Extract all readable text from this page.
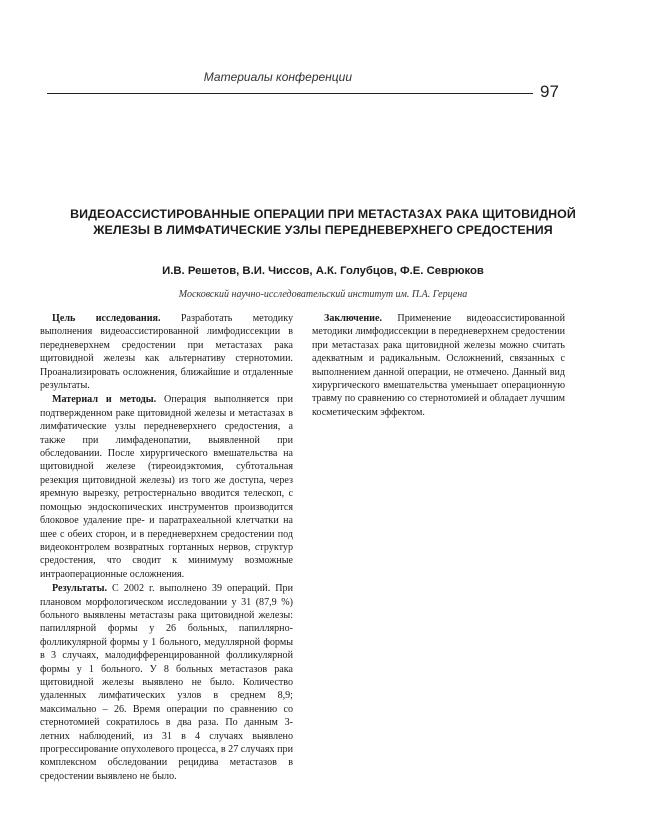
Материалы конференции
97
ВИДЕОАССИСТИРОВАННЫЕ ОПЕРАЦИИ ПРИ МЕТАСТАЗАХ РАКА ЩИТОВИДНОЙ
ЖЕЛЕЗЫ В ЛИМФАТИЧЕСКИЕ УЗЛЫ ПЕРЕДНЕВЕРХНЕГО СРЕДОСТЕНИЯ

И.В. Решетов, В.И. Чиссов, А.К. Голубцов, Ф.Е. Севрюков

Московский научно-исследовательский институт им. П.А. Герцена

Цель исследования. Разработать методику выполнения видеоассистированной лимфодиссекции в передневерхнем средостении при метастазах рака щитовидной железы как альтернативу стернотомии. Проанализировать осложнения, ближайшие и отдаленные результаты.

Материал и методы. Операция выполняется при подтвержденном раке щитовидной железы и метастазах в лимфатические узлы передневерхнего средостения, а также при лимфаденопатии, выявленной при обследовании. После хирургического вмешательства на щитовидной железе (тиреоидэктомия, субтотальная резекция щитовидной железы) из того же доступа, через яремную вырезку, ретростернально вводится телескоп, с помощью эндоскопических инструментов производится блоковое удаление пре- и паратрахеальной клетчатки на шее с обеих сторон, и в передневерхнем средостении под видеоконтролем возвратных гортанных нервов, структур средостения, что сводит к минимуму возможные интраоперационные осложнения.

Результаты. С 2002 г. выполнено 39 операций. При плановом морфологическом исследовании у 31 (87,9 %) больного выявлены метастазы рака щитовидной железы: папиллярной формы у 26 больных, папиллярно-фолликулярной формы у 1 больного, медуллярной формы в 3 случаях, малодифференцированной фолликулярной формы у 1 больного. У 8 больных метастазов рака щитовидной железы выявлено не было. Количество удаленных лимфатических узлов в среднем 8,9; максимально – 26. Время операции по сравнению со стернотомией сократилось в два раза. По данным 3-летних наблюдений, из 31 в 4 случаях выявлено прогрессирование опухолевого процесса, в 27 случаях при комплексном обследовании рецидива метастазов в средостении выявлено не было.

Заключение. Применение видеоассистированной методики лимфодиссекции в передневерхнем средостении при метастазах рака щитовидной железы можно считать адекватным и радикальным. Осложнений, связанных с выполнением данной операции, не отмечено. Данный вид хирургического вмешательства уменьшает операционную травму по сравнению со стернотомией и обладает лучшим косметическим эффектом.
